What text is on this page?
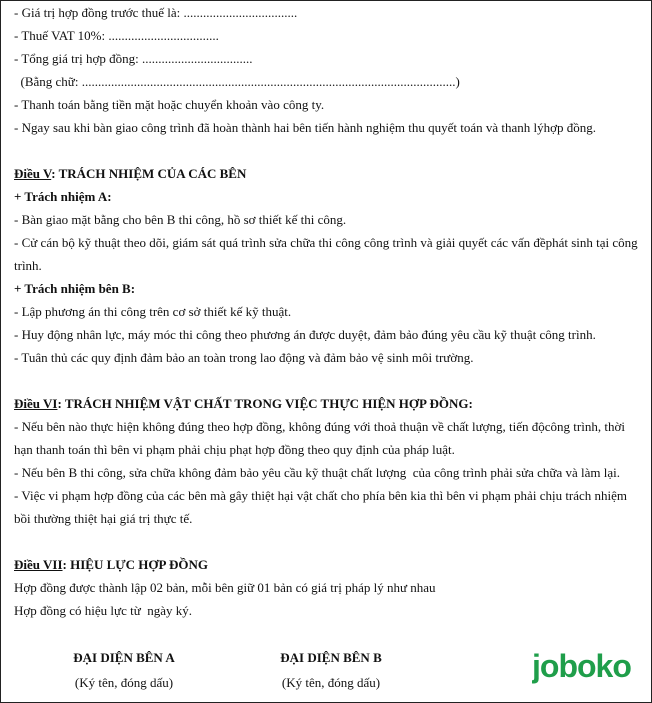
- Giá trị hợp đồng trước thuế là: ...................................
- Thuế VAT 10%: ..................................
- Tổng giá trị hợp đồng: ..................................
(Bằng chữ: ...................................................................................................................)
- Thanh toán bằng tiền mặt hoặc chuyển khoản vào công ty.
- Ngay sau khi bàn giao công trình đã hoàn thành hai bên tiến hành nghiệm thu quyết toán và thanh lýhợp đồng.
Điều V: TRÁCH NHIỆM CỦA CÁC BÊN
+ Trách nhiệm A:
- Bàn giao mặt bằng cho bên B thi công, hồ sơ thiết kế thi công.
- Cử cán bộ kỹ thuật theo dõi, giám sát quá trình sửa chữa thi công công trình và giải quyết các vấn đềphát sinh tại công trình.
+ Trách nhiệm bên B:
- Lập phương án thi công trên cơ sở thiết kế kỹ thuật.
- Huy động nhân lực, máy móc thi công theo phương án được duyệt, đảm bảo đúng yêu cầu kỹ thuật công trình.
- Tuân thủ các quy định đảm bảo an toàn trong lao động và đảm bảo vệ sinh môi trường.
Điều VI: TRÁCH NHIỆM VẬT CHẤT TRONG VIỆC THỰC HIỆN HỢP ĐỒNG:
- Nếu bên nào thực hiện không đúng theo hợp đồng, không đúng với thoả thuận về chất lượng, tiến độcông trình, thời hạn thanh toán thì bên vi phạm phải chịu phạt hợp đồng theo quy định của pháp luật.
- Nếu bên B thi công, sửa chữa không đảm bảo yêu cầu kỹ thuật chất lượng  của công trình phải sửa chữa và làm lại.
- Việc vi phạm hợp đồng của các bên mà gây thiệt hại vật chất cho phía bên kia thì bên vi phạm phải chịu trách nhiệm bồi thường thiệt hại giá trị thực tế.
Điều VII: HIỆU LỰC HỢP ĐỒNG
Hợp đồng được thành lập 02 bản, mỗi bên giữ 01 bản có giá trị pháp lý như nhau
Hợp đồng có hiệu lực từ  ngày ký.
ĐẠI DIỆN BÊN A
(Ký tên, đóng dấu)
ĐẠI DIỆN BÊN B
(Ký tên, đóng dấu)	joboko
